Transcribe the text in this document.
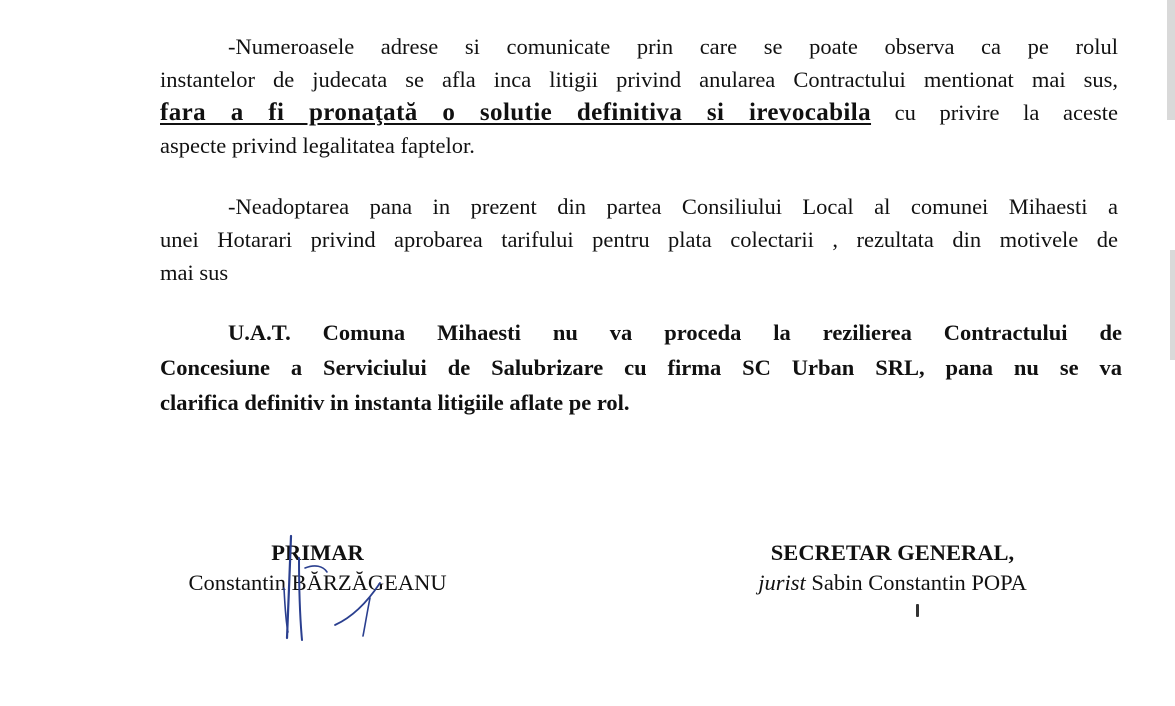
-Numeroasele adrese si comunicate prin care se poate observa ca pe rolul
instantelor de judecata se afla inca litigii privind anularea Contractului mentionat mai sus,
fara a fi pronaţată o solutie definitiva si irevocabila cu privire la aceste
aspecte privind legalitatea faptelor.

-Neadoptarea pana in prezent din partea Consiliului Local al comunei Mihaesti a
unei Hotarari privind aprobarea tarifului pentru plata colectarii , rezultata din motivele de
mai sus

U.A.T. Comuna Mihaesti nu va proceda la rezilierea Contractului de
Concesiune a Serviciului de Salubrizare cu firma SC Urban SRL, pana nu se va
clarifica definitiv in instanta litigiile aflate pe rol.

PRIMAR
Constantin BĂRZĂGEANU
SECRETAR GENERAL,
jurist Sabin Constantin POPA
